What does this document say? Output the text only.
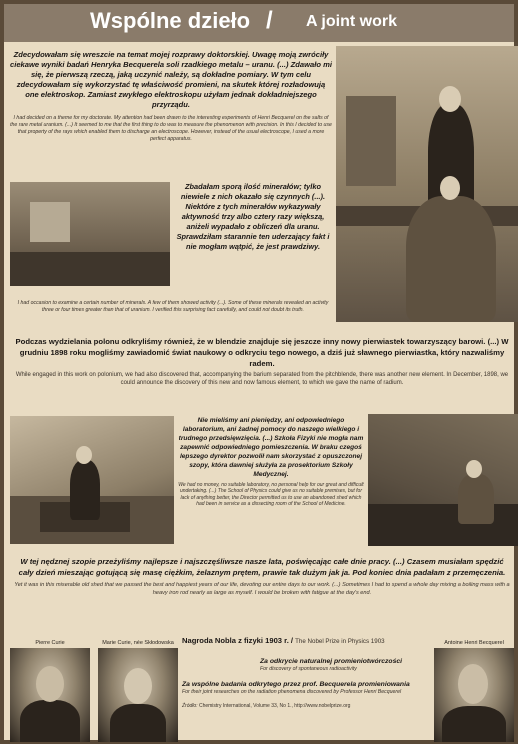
Wspólne dzieło / A joint work

Zdecydowałam się wreszcie na temat mojej rozprawy doktorskiej. Uwagę moją zwróciły ciekawe wyniki badań Henryka Becquerela soli rzadkiego metalu – uranu. (...) Zdawało mi się, że pierwszą rzeczą, jaką uczynić należy, są dokładne pomiary. W tym celu zdecydowałam się wykorzystać tę właściwość promieni, na skutek której rozładowują one elektroskop. Zamiast zwykłego elektroskopu użyłam jednak dokładniejszego przyrządu.

I had decided on a theme for my doctorate. My attention had been drawn to the interesting experiments of Henri Becquerel on the salts of the rare metal uranium. (...) It seemed to me that the first thing to do was to measure the phenomenon with precision. In this I decided to use that property of the rays which enabled them to discharge an electroscope. However, instead of the usual electroscope, I used a more perfect apparatus.

Zbadałam sporą ilość minerałów; tylko niewiele z nich okazało się czynnych (...). Niektóre z tych minerałów wykazywały aktywność trzy albo cztery razy większą, aniżeli wypadało z obliczeń dla uranu. Sprawdziłam starannie ten uderzający fakt i nie mogłam wątpić, że jest prawdziwy.

I had occasion to examine a certain number of minerals. A few of them showed activity (...). Some of these minerals revealed an activity three or four times greater than that of uranium. I verified this surprising fact carefully, and could not doubt its truth.

Podczas wydzielania polonu odkryliśmy również, że w blendzie znajduje się jeszcze inny nowy pierwiastek towarzyszący barowi. (...) W grudniu 1898 roku mogliśmy zawiadomić świat naukowy o odkryciu tego nowego, a dziś już sławnego pierwiastka, który nazwaliśmy radem.

While engaged in this work on polonium, we had also discovered that, accompanying the barium separated from the pitchblende, there was another new element. In December, 1898, we could announce the discovery of this new and now famous element, to which we gave the name of radium.

Nie mieliśmy ani pieniędzy, ani odpowiedniego laboratorium, ani żadnej pomocy do naszego wielkiego i trudnego przedsięwzięcia. (...) Szkoła Fizyki nie mogła nam zapewnić odpowiedniego pomieszczenia. W braku czegoś lepszego dyrektor pozwolił nam skorzystać z opuszczonej szopy, która dawniej służyła za prosektorium Szkoły Medycznej.

We had no money, no suitable laboratory, no personal help for our great and difficult undertaking. (...) The School of Physics could give us no suitable premises, but for lack of anything better, the Director permitted us to use an abandoned shed which had been in service as a dissecting room of the School of Medicine.

W tej nędznej szopie przeżyliśmy najlepsze i najszczęśliwsze nasze lata, poświęcając całe dnie pracy. (...) Czasem musiałam spędzić cały dzień mieszając gotującą się masę ciężkim, żelaznym prętem, prawie tak dużym jak ja. Pod koniec dnia padałam z przemęczenia.

Yet it was in this miserable old shed that we passed the best and happiest years of our life, devoting our entire days to our work. (...) Sometimes I had to spend a whole day mixing a boiling mass with a heavy iron rod nearly as large as myself. I would be broken with fatigue at the day's end.

Pierre Curie	Marie Curie, née Skłodowska	Antoine Henri Becquerel
Nagroda Nobla z fizyki 1903 r. / The Nobel Prize in Physics 1903

Za odkrycie naturalnej promieniotwórczości

For discovery of spontaneous radioactivity

Za wspólne badania odkrytego przez prof. Becquerela promieniowania

For their joint researches on the radiation phenomena discovered by Professor Henri Becquerel

Źródło: Chemistry International, Volume 33, No 1., http://www.nobelprize.org
